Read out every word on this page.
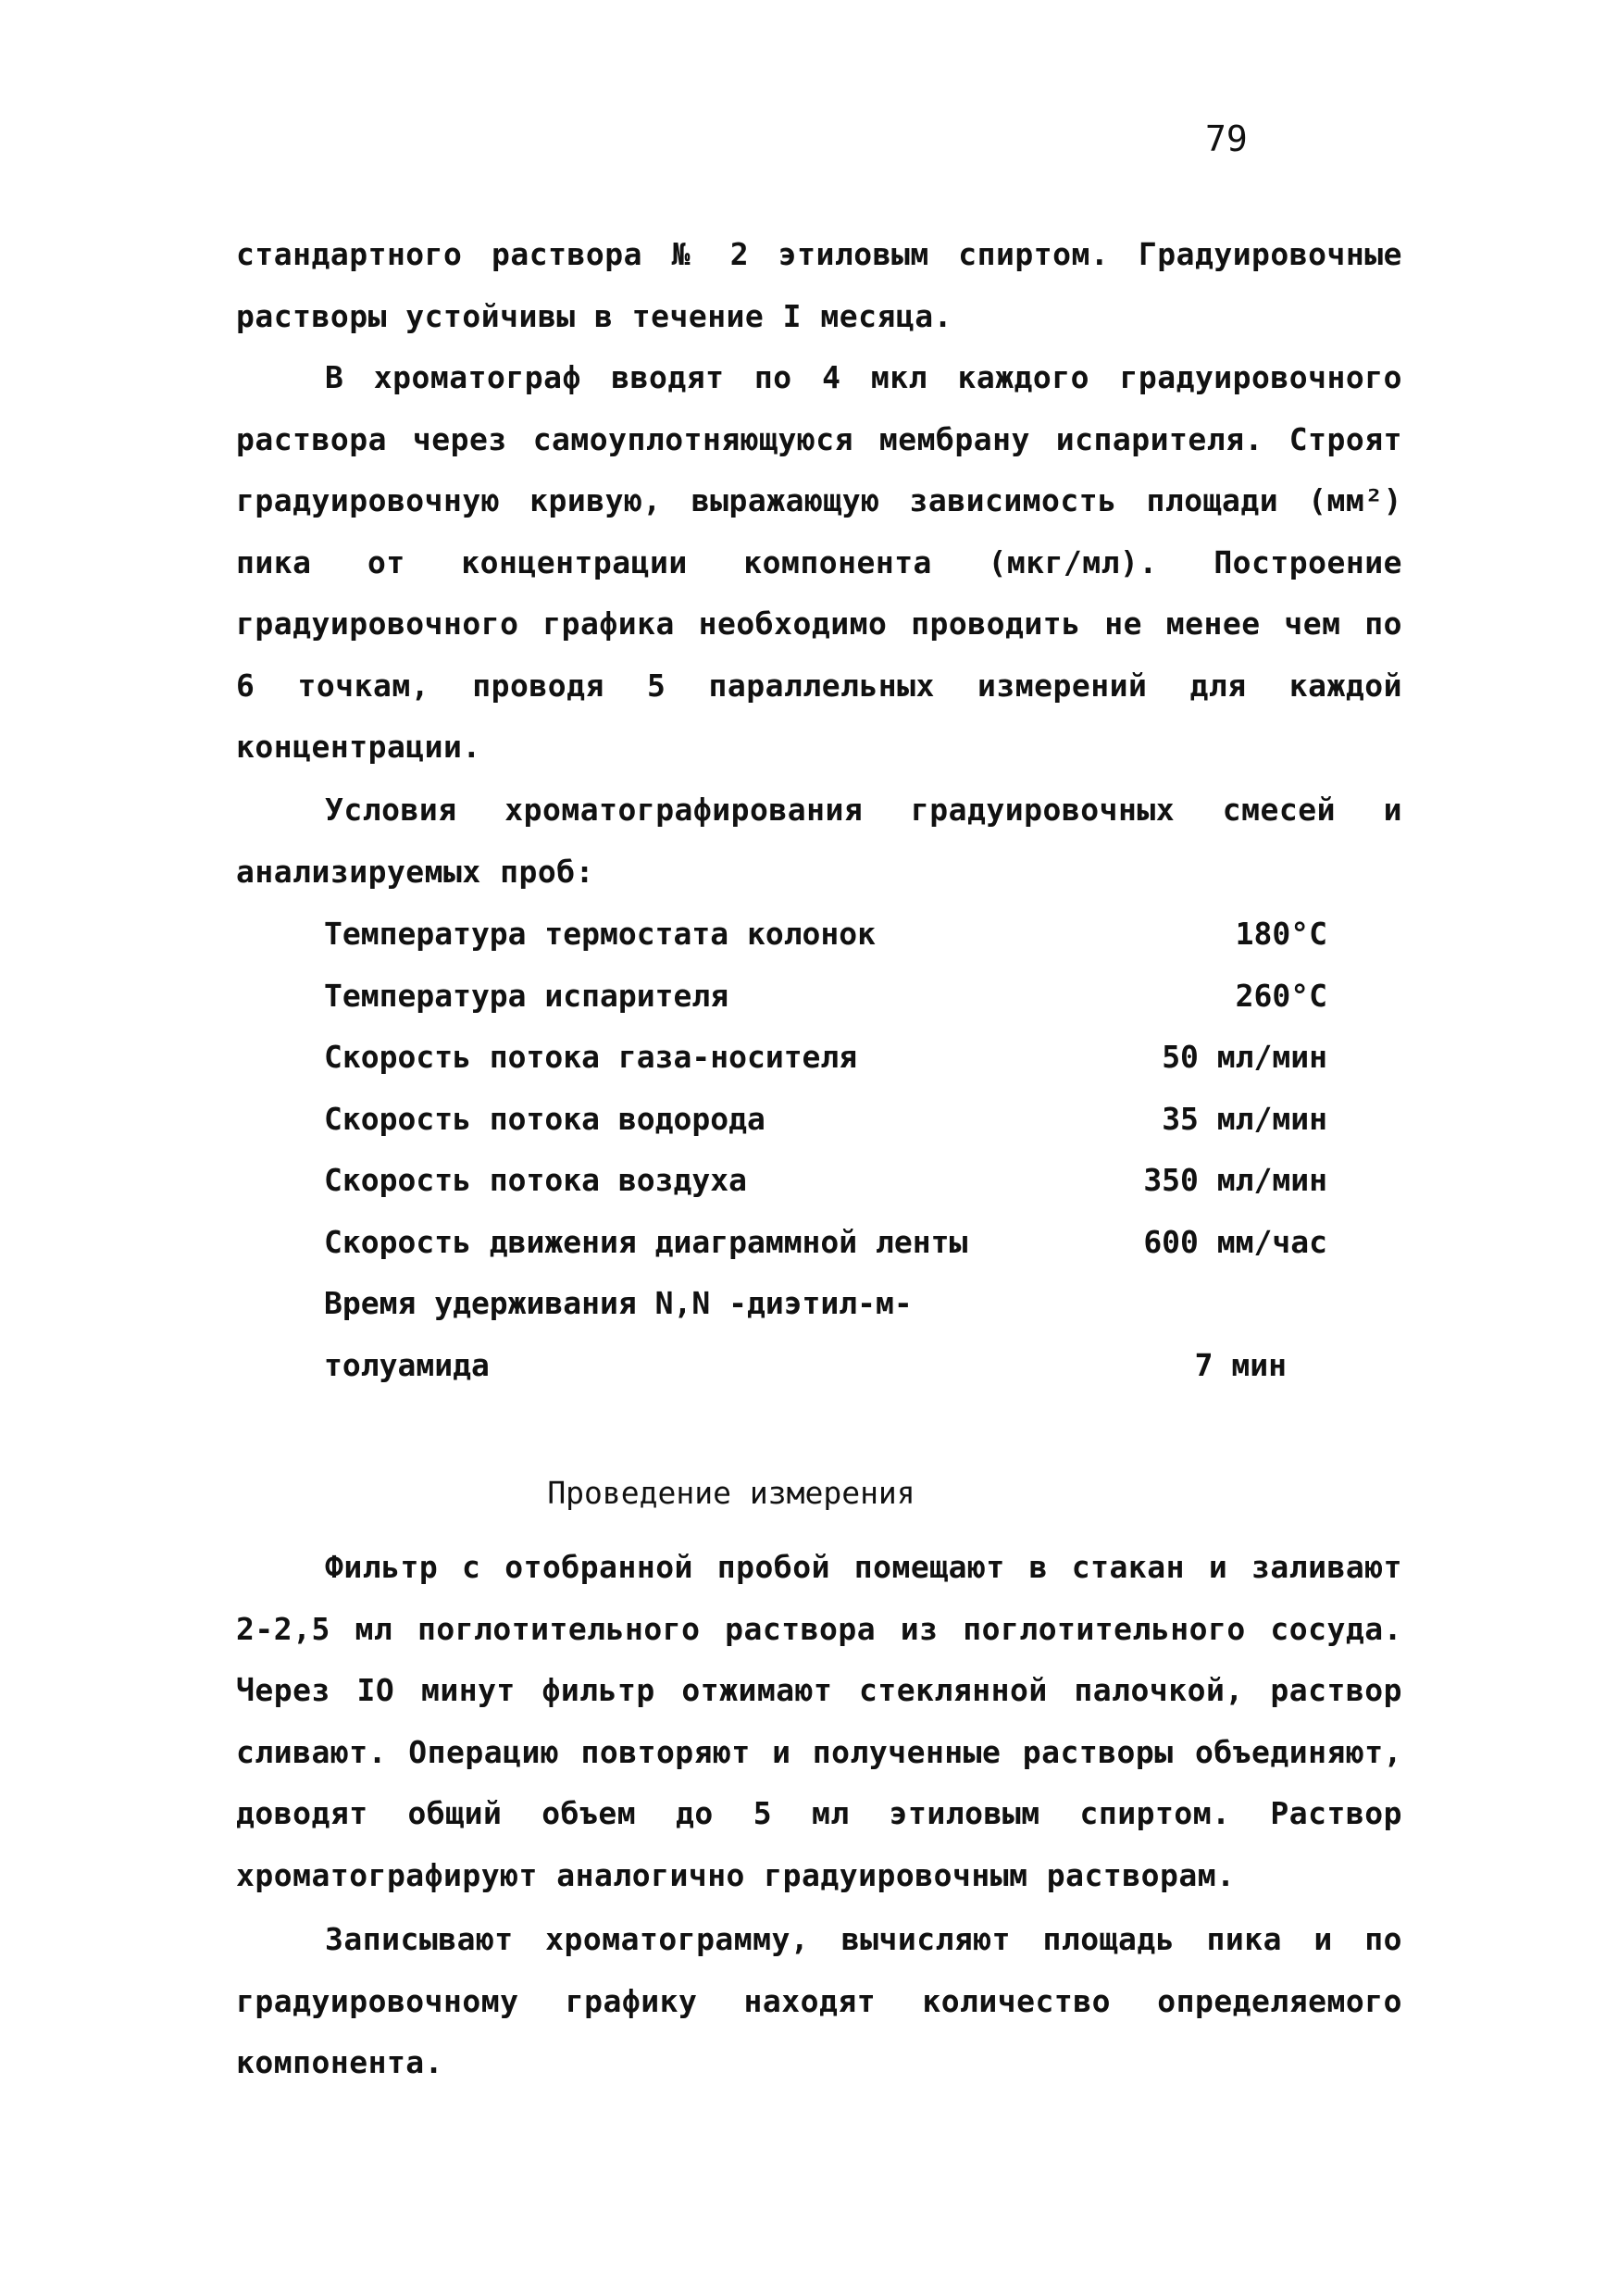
79

стандартного раствора № 2 этиловым спиртом. Градуировочные растворы устойчивы в течение I месяца.

В хроматограф вводят по 4 мкл каждого градуировочного раствора через самоуплотняющуюся мембрану испарителя. Строят градуировочную кривую, выражающую зависимость площади (мм²) пика от концентрации компонента (мкг/мл). Построение градуировочного графика необходимо проводить не менее чем по 6 точкам, проводя 5 параллельных измерений для каждой концентрации.

Условия хроматографирования градуировочных смесей и анализируемых проб:

Температура термостата колонок	180°C
Температура испарителя	260°C
Скорость потока газа-носителя	50 мл/мин
Скорость потока водорода	35 мл/мин
Скорость потока воздуха	350 мл/мин
Скорость движения диаграммной ленты	600 мм/час
Время удерживания N,N -диэтил-м-толуамида	7 мин
Проведение измерения

Фильтр с отобранной пробой помещают в стакан и заливают 2-2,5 мл поглотительного раствора из поглотительного сосуда. Через IO минут фильтр отжимают стеклянной палочкой, раствор сливают. Операцию повторяют и полученные растворы объединяют, доводят общий объем до 5 мл этиловым спиртом. Раствор хроматографируют аналогично градуировочным растворам.

Записывают хроматограмму, вычисляют площадь пика и по градуировочному графику находят количество определяемого компонента.
